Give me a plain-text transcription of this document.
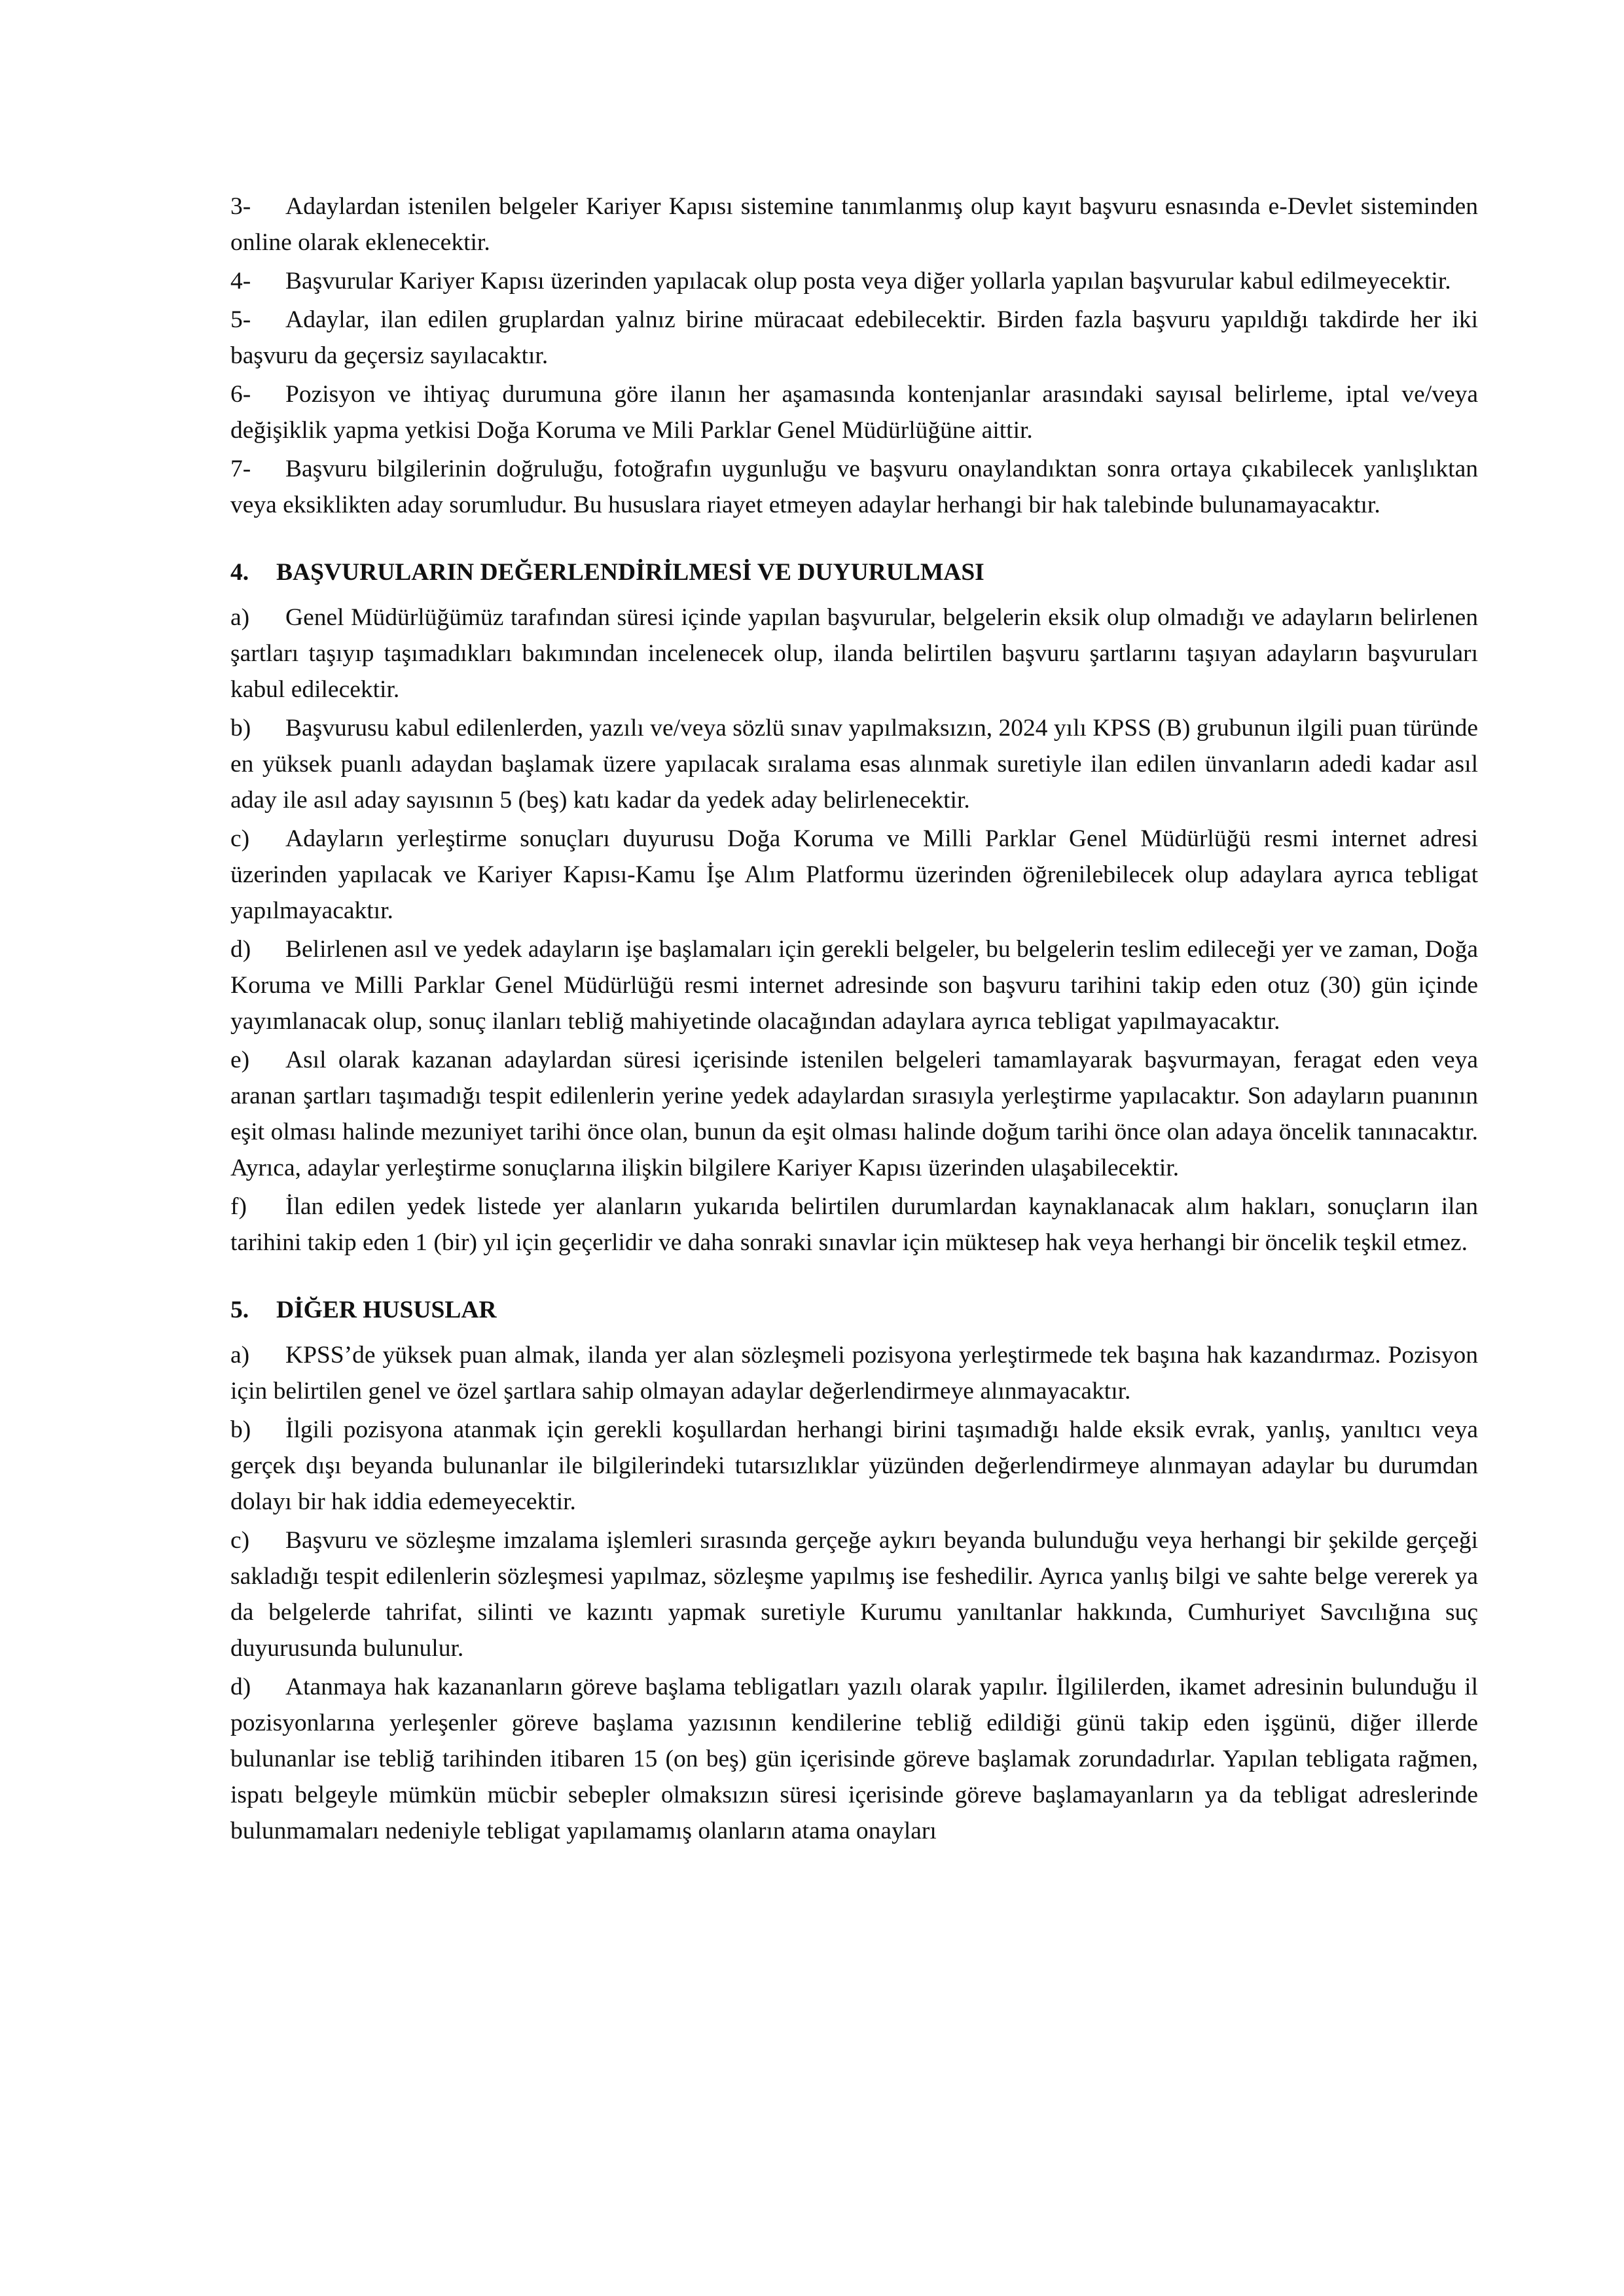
3- Adaylardan istenilen belgeler Kariyer Kapısı sistemine tanımlanmış olup kayıt başvuru esnasında e-Devlet sisteminden online olarak eklenecektir.

4- Başvurular Kariyer Kapısı üzerinden yapılacak olup posta veya diğer yollarla yapılan başvurular kabul edilmeyecektir.

5- Adaylar, ilan edilen gruplardan yalnız birine müracaat edebilecektir. Birden fazla başvuru yapıldığı takdirde her iki başvuru da geçersiz sayılacaktır.

6- Pozisyon ve ihtiyaç durumuna göre ilanın her aşamasında kontenjanlar arasındaki sayısal belirleme, iptal ve/veya değişiklik yapma yetkisi Doğa Koruma ve Mili Parklar Genel Müdürlüğüne aittir.

7- Başvuru bilgilerinin doğruluğu, fotoğrafın uygunluğu ve başvuru onaylandıktan sonra ortaya çıkabilecek yanlışlıktan veya eksiklikten aday sorumludur. Bu hususlara riayet etmeyen adaylar herhangi bir hak talebinde bulunamayacaktır.

4. BAŞVURULARIN DEĞERLENDİRİLMESİ VE DUYURULMASI

a) Genel Müdürlüğümüz tarafından süresi içinde yapılan başvurular, belgelerin eksik olup olmadığı ve adayların belirlenen şartları taşıyıp taşımadıkları bakımından incelenecek olup, ilanda belirtilen başvuru şartlarını taşıyan adayların başvuruları kabul edilecektir.

b) Başvurusu kabul edilenlerden, yazılı ve/veya sözlü sınav yapılmaksızın, 2024 yılı KPSS (B) grubunun ilgili puan türünde en yüksek puanlı adaydan başlamak üzere yapılacak sıralama esas alınmak suretiyle ilan edilen ünvanların adedi kadar asıl aday ile asıl aday sayısının 5 (beş) katı kadar da yedek aday belirlenecektir.

c) Adayların yerleştirme sonuçları duyurusu Doğa Koruma ve Milli Parklar Genel Müdürlüğü resmi internet adresi üzerinden yapılacak ve Kariyer Kapısı-Kamu İşe Alım Platformu üzerinden öğrenilebilecek olup adaylara ayrıca tebligat yapılmayacaktır.

d) Belirlenen asıl ve yedek adayların işe başlamaları için gerekli belgeler, bu belgelerin teslim edileceği yer ve zaman, Doğa Koruma ve Milli Parklar Genel Müdürlüğü resmi internet adresinde son başvuru tarihini takip eden otuz (30) gün içinde yayımlanacak olup, sonuç ilanları tebliğ mahiyetinde olacağından adaylara ayrıca tebligat yapılmayacaktır.

e) Asıl olarak kazanan adaylardan süresi içerisinde istenilen belgeleri tamamlayarak başvurmayan, feragat eden veya aranan şartları taşımadığı tespit edilenlerin yerine yedek adaylardan sırasıyla yerleştirme yapılacaktır. Son adayların puanının eşit olması halinde mezuniyet tarihi önce olan, bunun da eşit olması halinde doğum tarihi önce olan adaya öncelik tanınacaktır. Ayrıca, adaylar yerleştirme sonuçlarına ilişkin bilgilere Kariyer Kapısı üzerinden ulaşabilecektir.

f) İlan edilen yedek listede yer alanların yukarıda belirtilen durumlardan kaynaklanacak alım hakları, sonuçların ilan tarihini takip eden 1 (bir) yıl için geçerlidir ve daha sonraki sınavlar için müktesep hak veya herhangi bir öncelik teşkil etmez.

5. DİĞER HUSUSLAR

a) KPSS’de yüksek puan almak, ilanda yer alan sözleşmeli pozisyona yerleştirmede tek başına hak kazandırmaz. Pozisyon için belirtilen genel ve özel şartlara sahip olmayan adaylar değerlendirmeye alınmayacaktır.

b) İlgili pozisyona atanmak için gerekli koşullardan herhangi birini taşımadığı halde eksik evrak, yanlış, yanıltıcı veya gerçek dışı beyanda bulunanlar ile bilgilerindeki tutarsızlıklar yüzünden değerlendirmeye alınmayan adaylar bu durumdan dolayı bir hak iddia edemeyecektir.

c) Başvuru ve sözleşme imzalama işlemleri sırasında gerçeğe aykırı beyanda bulunduğu veya herhangi bir şekilde gerçeği sakladığı tespit edilenlerin sözleşmesi yapılmaz, sözleşme yapılmış ise feshedilir. Ayrıca yanlış bilgi ve sahte belge vererek ya da belgelerde tahrifat, silinti ve kazıntı yapmak suretiyle Kurumu yanıltanlar hakkında, Cumhuriyet Savcılığına suç duyurusunda bulunulur.

d) Atanmaya hak kazananların göreve başlama tebligatları yazılı olarak yapılır. İlgililerden, ikamet adresinin bulunduğu il pozisyonlarına yerleşenler göreve başlama yazısının kendilerine tebliğ edildiği günü takip eden işgünü, diğer illerde bulunanlar ise tebliğ tarihinden itibaren 15 (on beş) gün içerisinde göreve başlamak zorundadırlar. Yapılan tebligata rağmen, ispatı belgeyle mümkün mücbir sebepler olmaksızın süresi içerisinde göreve başlamayanların ya da tebligat adreslerinde bulunmamaları nedeniyle tebligat yapılamamış olanların atama onayları
